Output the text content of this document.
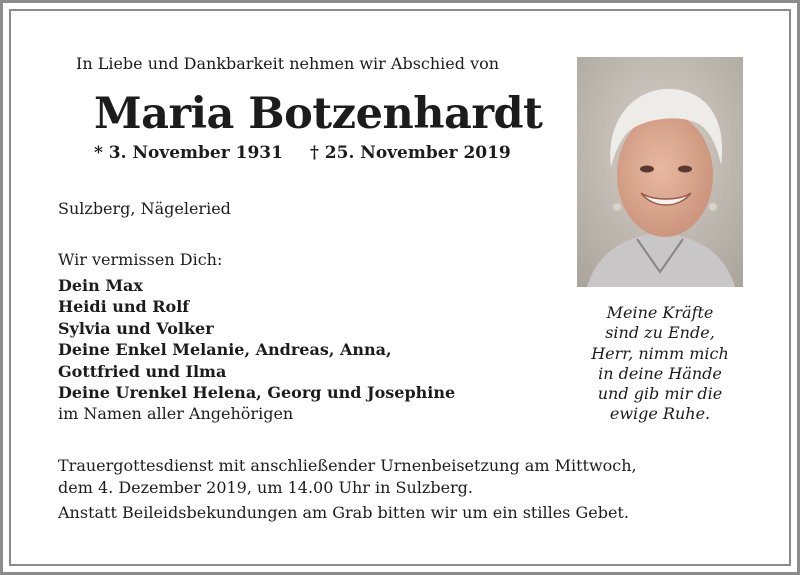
In Liebe und Dankbarkeit nehmen wir Abschied von
Maria Botzenhardt
* 3. November 1931 † 25. November 2019
Sulzberg, Nägeleried
Wir vermissen Dich:
Dein Max
Heidi und Rolf
Sylvia und Volker
Deine Enkel Melanie, Andreas, Anna,
Gottfried und Ilma
Deine Urenkel Helena, Georg und Josephine
im Namen aller Angehörigen
Meine Kräfte
sind zu Ende,
Herr, nimm mich
in deine Hände
und gib mir die
ewige Ruhe.
Trauergottesdienst mit anschließender Urnenbeisetzung am Mittwoch,
dem 4. Dezember 2019, um 14.00 Uhr in Sulzberg.
Anstatt Beileidsbekundungen am Grab bitten wir um ein stilles Gebet.
